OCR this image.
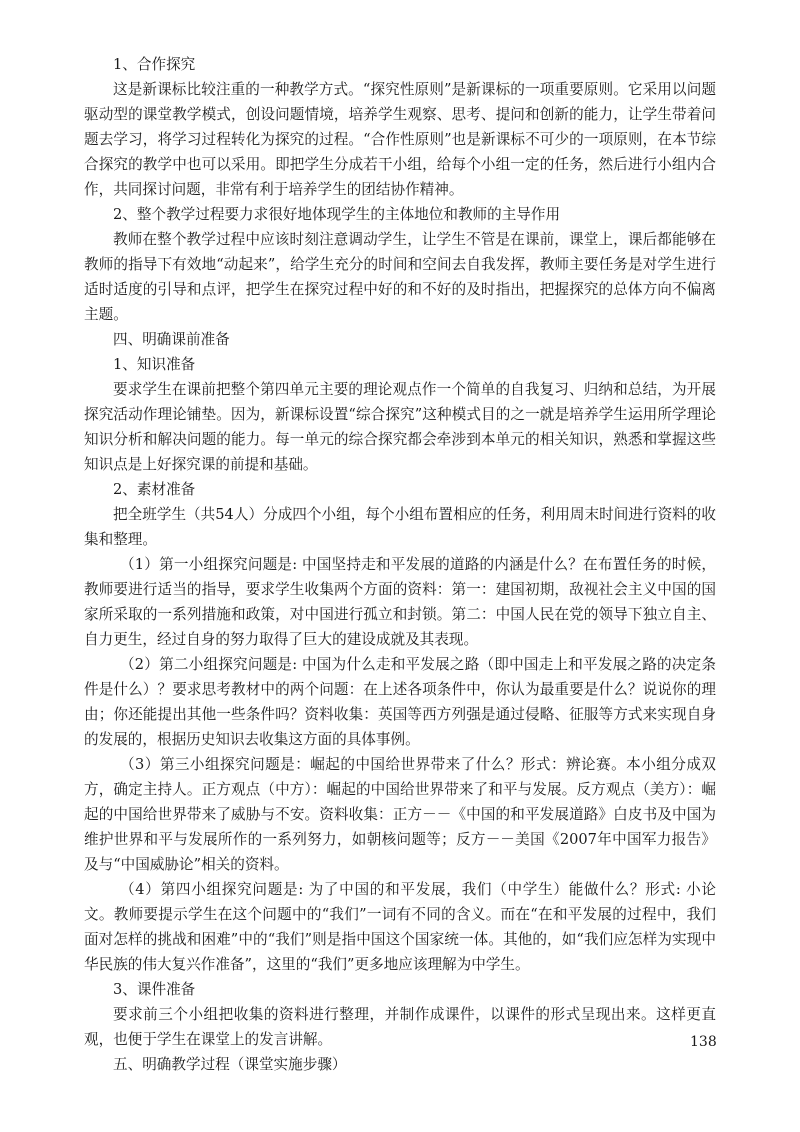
1、合作探究

这是新课标比较注重的一种教学方式。“探究性原则”是新课标的一项重要原则。它采用以问题驱动型的课堂教学模式，创设问题情境，培养学生观察、思考、提问和创新的能力，让学生带着问题去学习，将学习过程转化为探究的过程。“合作性原则”也是新课标不可少的一项原则，在本节综合探究的教学中也可以采用。即把学生分成若干小组，给每个小组一定的任务，然后进行小组内合作，共同探讨问题，非常有利于培养学生的团结协作精神。

2、整个教学过程要力求很好地体现学生的主体地位和教师的主导作用

教师在整个教学过程中应该时刻注意调动学生，让学生不管是在课前，课堂上，课后都能够在教师的指导下有效地“动起来”，给学生充分的时间和空间去自我发挥，教师主要任务是对学生进行适时适度的引导和点评，把学生在探究过程中好的和不好的及时指出，把握探究的总体方向不偏离主题。

四、明确课前准备

1、知识准备

要求学生在课前把整个第四单元主要的理论观点作一个简单的自我复习、归纳和总结，为开展探究活动作理论铺垫。因为，新课标设置“综合探究”这种模式目的之一就是培养学生运用所学理论知识分析和解决问题的能力。每一单元的综合探究都会牵涉到本单元的相关知识，熟悉和掌握这些知识点是上好探究课的前提和基础。

2、素材准备

把全班学生（共54人）分成四个小组，每个小组布置相应的任务，利用周末时间进行资料的收集和整理。

（1）第一小组探究问题是: 中国坚持走和平发展的道路的内涵是什么？在布置任务的时候，教师要进行适当的指导，要求学生收集两个方面的资料：第一：建国初期，敌视社会主义中国的国家所采取的一系列措施和政策，对中国进行孤立和封锁。第二：中国人民在党的领导下独立自主、自力更生，经过自身的努力取得了巨大的建设成就及其表现。

（2）第二小组探究问题是: 中国为什么走和平发展之路（即中国走上和平发展之路的决定条件是什么）？要求思考教材中的两个问题：在上述各项条件中，你认为最重要是什么？说说你的理由；你还能提出其他一些条件吗？资料收集：英国等西方列强是通过侵略、征服等方式来实现自身的发展的，根据历史知识去收集这方面的具体事例。

（3）第三小组探究问题是：崛起的中国给世界带来了什么？形式：辨论赛。本小组分成双方，确定主持人。正方观点（中方）：崛起的中国给世界带来了和平与发展。反方观点（美方）：崛起的中国给世界带来了威胁与不安。资料收集：正方－－《中国的和平发展道路》白皮书及中国为维护世界和平与发展所作的一系列努力，如朝核问题等；反方－－美国《2007年中国军力报告》及与“中国威胁论”相关的资料。

（4）第四小组探究问题是: 为了中国的和平发展，我们（中学生）能做什么？形式: 小论文。教师要提示学生在这个问题中的“我们”一词有不同的含义。而在“在和平发展的过程中，我们面对怎样的挑战和困难”中的“我们”则是指中国这个国家统一体。其他的，如“我们应怎样为实现中华民族的伟大复兴作准备”，这里的“我们”更多地应该理解为中学生。

3、课件准备

要求前三个小组把收集的资料进行整理，并制作成课件，以课件的形式呈现出来。这样更直观，也便于学生在课堂上的发言讲解。

五、明确教学过程（课堂实施步骤）

138
